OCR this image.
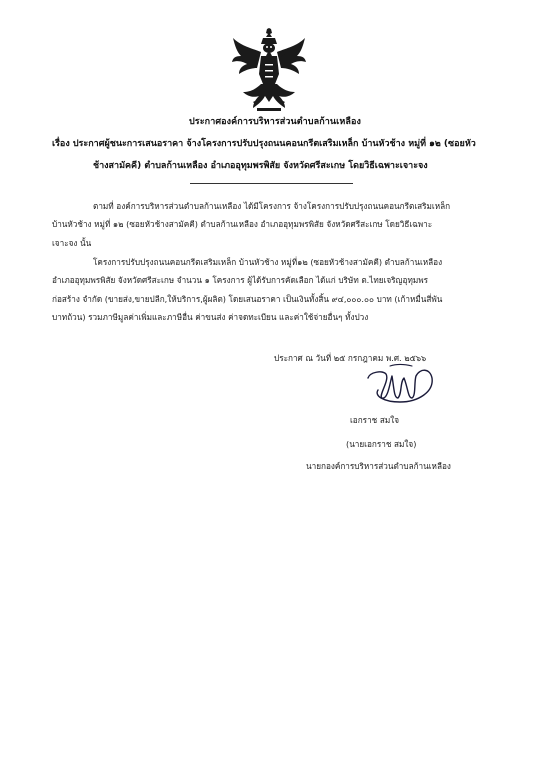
ประกาศองค์การบริหารส่วนตำบลก้านเหลือง
เรื่อง ประกาศผู้ชนะการเสนอราคา จ้างโครงการปรับปรุงถนนคอนกรีตเสริมเหล็ก บ้านหัวช้าง หมู่ที่ ๑๒ (ซอยหัว
ช้างสามัคคี) ตำบลก้านเหลือง อำเภออุทุมพรพิสัย จังหวัดศรีสะเกษ โดยวิธีเฉพาะเจาะจง
ตามที่ องค์การบริหารส่วนตำบลก้านเหลือง ได้มีโครงการ จ้างโครงการปรับปรุงถนนคอนกรีตเสริมเหล็ก
บ้านหัวช้าง หมู่ที่ ๑๒ (ซอยหัวช้างสามัคคี) ตำบลก้านเหลือง อำเภออุทุมพรพิสัย จังหวัดศรีสะเกษ โดยวิธีเฉพาะ
เจาะจง นั้น
โครงการปรับปรุงถนนคอนกรีตเสริมเหล็ก บ้านหัวช้าง หมู่ที่๑๒ (ซอยหัวช้างสามัคคี) ตำบลก้านเหลือง
อำเภออุทุมพรพิสัย จังหวัดศรีสะเกษ จำนวน ๑ โครงการ ผู้ได้รับการคัดเลือก ได้แก่ บริษัท ต.ไทยเจริญอุทุมพร
ก่อสร้าง จำกัด (ขายส่ง,ขายปลีก,ให้บริการ,ผู้ผลิต) โดยเสนอราคา เป็นเงินทั้งสิ้น ๙๔,๐๐๐.๐๐ บาท (เก้าหมื่นสี่พัน
บาทถ้วน) รวมภาษีมูลค่าเพิ่มและภาษีอื่น ค่าขนส่ง ค่าจดทะเบียน และค่าใช้จ่ายอื่นๆ ทั้งปวง
ประกาศ ณ วันที่ ๒๕ กรกฎาคม พ.ศ. ๒๕๖๖
เอกราช สมใจ
(นายเอกราช สมใจ)
นายกองค์การบริหารส่วนตำบลก้านเหลือง
